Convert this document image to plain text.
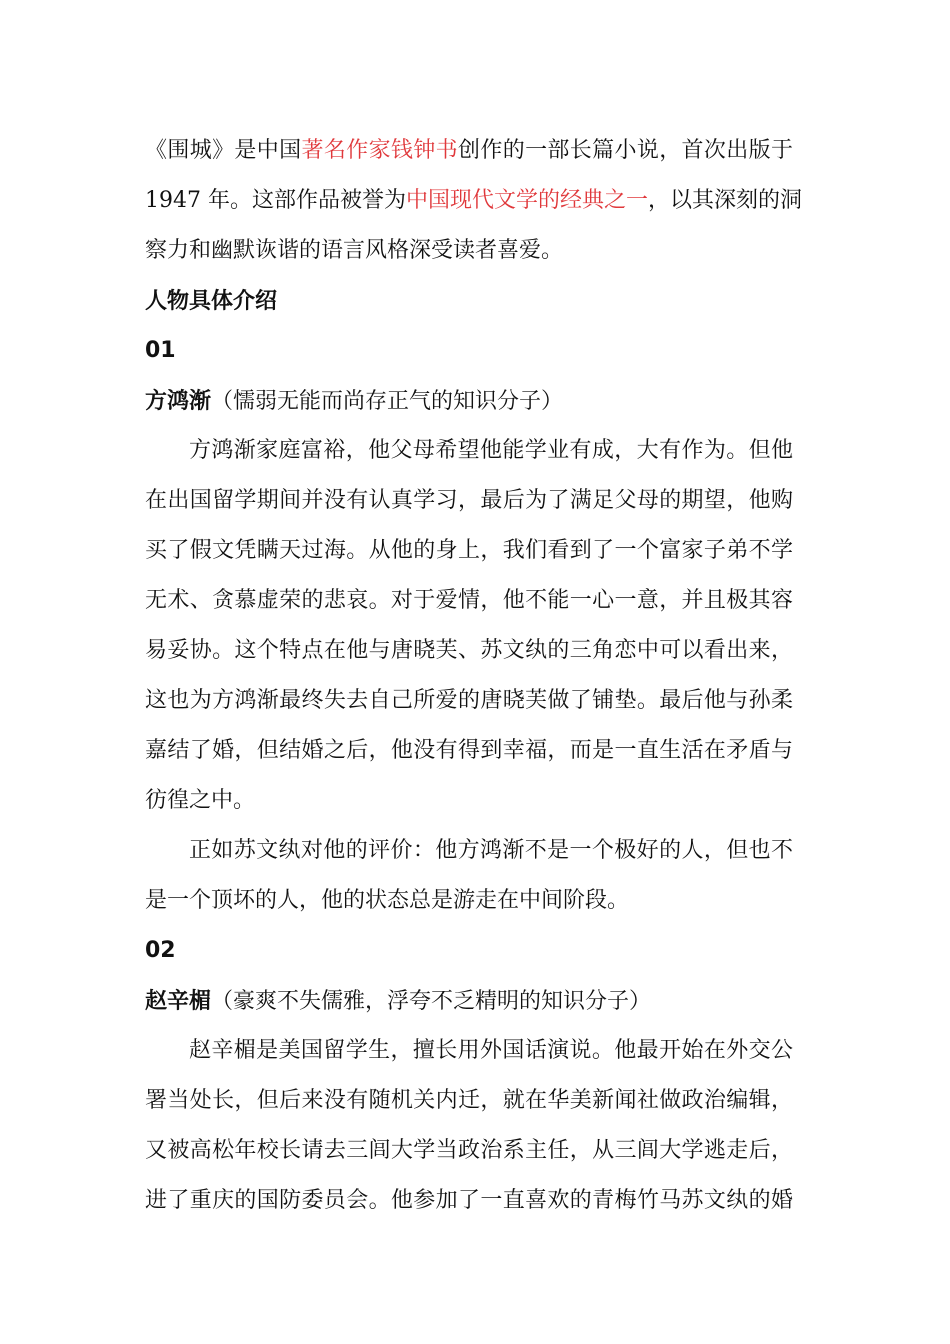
《围城》是中国著名作家钱钟书创作的一部长篇小说，首次出版于
1947 年。这部作品被誉为中国现代文学的经典之一，以其深刻的洞
察力和幽默诙谐的语言风格深受读者喜爱。
人物具体介绍
01
方鸿渐（懦弱无能而尚存正气的知识分子）
方鸿渐家庭富裕，他父母希望他能学业有成，大有作为。但他
在出国留学期间并没有认真学习，最后为了满足父母的期望，他购
买了假文凭瞒天过海。从他的身上，我们看到了一个富家子弟不学
无术、贪慕虚荣的悲哀。对于爱情，他不能一心一意，并且极其容
易妥协。这个特点在他与唐晓芙、苏文纨的三角恋中可以看出来，
这也为方鸿渐最终失去自己所爱的唐晓芙做了铺垫。最后他与孙柔
嘉结了婚，但结婚之后，他没有得到幸福，而是一直生活在矛盾与
彷徨之中。
正如苏文纨对他的评价：他方鸿渐不是一个极好的人，但也不
是一个顶坏的人，他的状态总是游走在中间阶段。
02
赵辛楣（豪爽不失儒雅，浮夸不乏精明的知识分子）
赵辛楣是美国留学生，擅长用外国话演说。他最开始在外交公
署当处长，但后来没有随机关内迁，就在华美新闻社做政治编辑，
又被高松年校长请去三闾大学当政治系主任，从三闾大学逃走后，
进了重庆的国防委员会。他参加了一直喜欢的青梅竹马苏文纨的婚
